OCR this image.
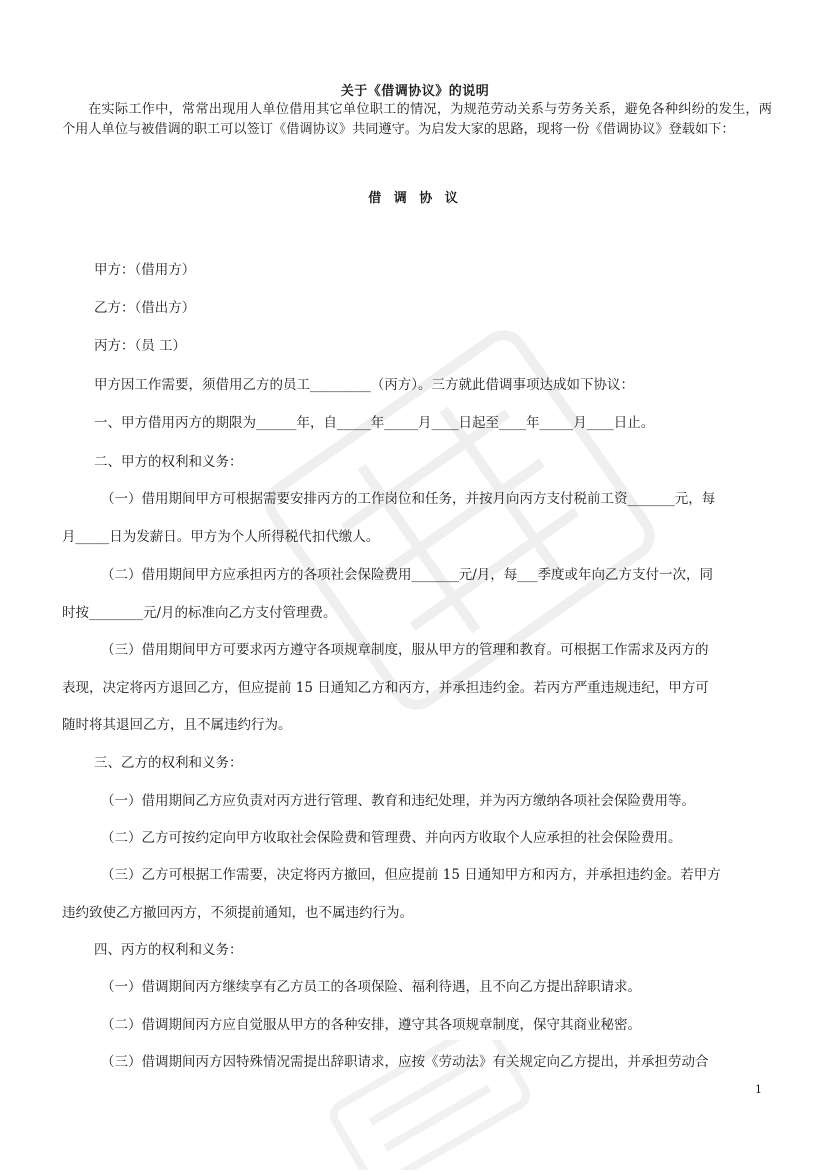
关于《借调协议》的说明

在实际工作中，常常出现用人单位借用其它单位职工的情况，为规范劳动关系与劳务关系，避免各种纠纷的发生，两个用人单位与被借调的职工可以签订《借调协议》共同遵守。为启发大家的思路，现将一份《借调协议》登载如下：

借 调 协 议

甲方：（借用方）

乙方：（借出方）

丙方：（员 工）

甲方因工作需要，须借用乙方的员工_________（丙方）。三方就此借调事项达成如下协议：

一、甲方借用丙方的期限为______年，自_____年_____月____日起至____年_____月____日止。

二、甲方的权利和义务：

（一）借用期间甲方可根据需要安排丙方的工作岗位和任务，并按月向丙方支付税前工资_______元，每

月_____日为发薪日。甲方为个人所得税代扣代缴人。

（二）借用期间甲方应承担丙方的各项社会保险费用_______元/月，每___季度或年向乙方支付一次，同

时按________元/月的标准向乙方支付管理费。

（三）借用期间甲方可要求丙方遵守各项规章制度，服从甲方的管理和教育。可根据工作需求及丙方的

表现，决定将丙方退回乙方，但应提前 15 日通知乙方和丙方，并承担违约金。若丙方严重违规违纪，甲方可

随时将其退回乙方，且不属违约行为。

三、乙方的权利和义务：

（一）借用期间乙方应负责对丙方进行管理、教育和违纪处理，并为丙方缴纳各项社会保险费用等。

（二）乙方可按约定向甲方收取社会保险费和管理费、并向丙方收取个人应承担的社会保险费用。

（三）乙方可根据工作需要，决定将丙方撤回，但应提前 15 日通知甲方和丙方，并承担违约金。若甲方

违约致使乙方撤回丙方，不须提前通知，也不属违约行为。

四、丙方的权利和义务：

（一）借调期间丙方继续享有乙方员工的各项保险、福利待遇，且不向乙方提出辞职请求。

（二）借调期间丙方应自觉服从甲方的各种安排，遵守其各项规章制度，保守其商业秘密。

（三）借调期间丙方因特殊情况需提出辞职请求，应按《劳动法》有关规定向乙方提出，并承担劳动合

1
